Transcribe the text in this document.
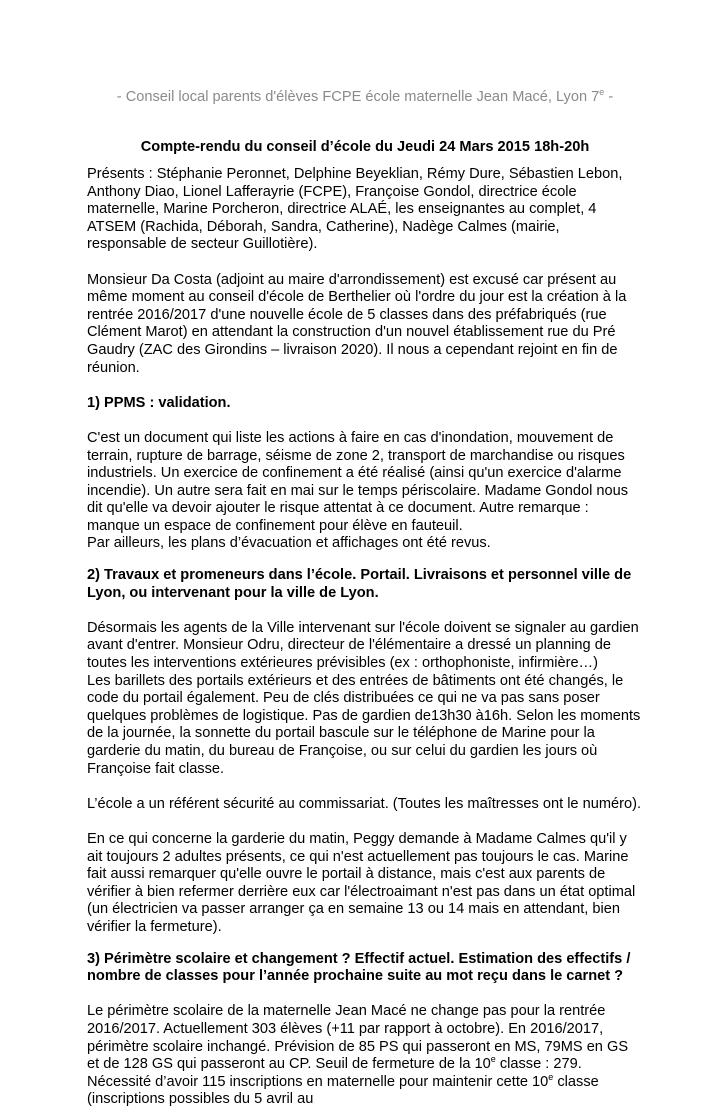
- Conseil local parents d'élèves FCPE école maternelle Jean Macé, Lyon 7e -
Compte-rendu du conseil d’école du Jeudi 24 Mars 2015 18h-20h

Présents : Stéphanie Peronnet, Delphine Beyeklian, Rémy Dure, Sébastien Lebon, Anthony Diao, Lionel Lafferayrie (FCPE), Françoise Gondol, directrice école maternelle, Marine Porcheron, directrice ALAÉ, les enseignantes au complet, 4 ATSEM (Rachida, Déborah, Sandra, Catherine), Nadège Calmes (mairie, responsable de secteur Guillotière).

Monsieur Da Costa (adjoint au maire d'arrondissement) est excusé car présent au même moment au conseil d'école de Berthelier où l'ordre du jour est la création à la rentrée 2016/2017 d'une nouvelle école de 5 classes dans des préfabriqués (rue Clément Marot) en attendant la construction d'un nouvel établissement rue du Pré Gaudry (ZAC des Girondins – livraison 2020). Il nous a cependant rejoint en fin de réunion.

1) PPMS : validation.

C'est un document qui liste les actions à faire en cas d'inondation, mouvement de terrain, rupture de barrage, séisme de zone 2, transport de marchandise ou risques industriels. Un exercice de confinement a été réalisé (ainsi qu'un exercice d'alarme incendie). Un autre sera fait en mai sur le temps périscolaire. Madame Gondol nous dit qu'elle va devoir ajouter le risque attentat à ce document. Autre remarque : manque un espace de confinement pour élève en fauteuil.

Par ailleurs, les plans d’évacuation et affichages ont été revus.

2) Travaux et promeneurs dans l’école. Portail. Livraisons et personnel ville de Lyon, ou intervenant pour la ville de Lyon.

Désormais les agents de la Ville intervenant sur l'école doivent se signaler au gardien avant d'entrer. Monsieur Odru, directeur de l'élémentaire a dressé un planning de toutes les interventions extérieures prévisibles (ex : orthophoniste, infirmière…)

Les barillets des portails extérieurs et des entrées de bâtiments ont été changés, le code du portail également. Peu de clés distribuées ce qui ne va pas sans poser quelques problèmes de logistique. Pas de gardien de13h30 à16h. Selon les moments de la journée, la sonnette du portail bascule sur le téléphone de Marine pour la garderie du matin, du bureau de Françoise, ou sur celui du gardien les jours où Françoise fait classe.

L’école a un référent sécurité au commissariat. (Toutes les maîtresses ont le numéro).

En ce qui concerne la garderie du matin, Peggy demande à Madame Calmes qu'il y ait toujours 2 adultes présents, ce qui n'est actuellement pas toujours le cas. Marine fait aussi remarquer qu'elle ouvre le portail à distance, mais c'est aux parents de vérifier à bien refermer derrière eux car l'électroaimant n'est pas dans un état optimal (un électricien va passer arranger ça en semaine 13 ou 14 mais en attendant, bien vérifier la fermeture).

3) Périmètre scolaire et changement ? Effectif actuel. Estimation des effectifs / nombre de classes pour l’année prochaine suite au mot reçu dans le carnet ?

Le périmètre scolaire de la maternelle Jean Macé ne change pas pour la rentrée 2016/2017. Actuellement 303 élèves (+11 par rapport à octobre). En 2016/2017, périmètre scolaire inchangé. Prévision de 85 PS qui passeront en MS, 79MS en GS et de 128 GS qui passeront au CP. Seuil de fermeture de la 10e classe : 279. Nécessité d’avoir 115 inscriptions en maternelle pour maintenir cette 10e classe (inscriptions possibles du 5 avril au
